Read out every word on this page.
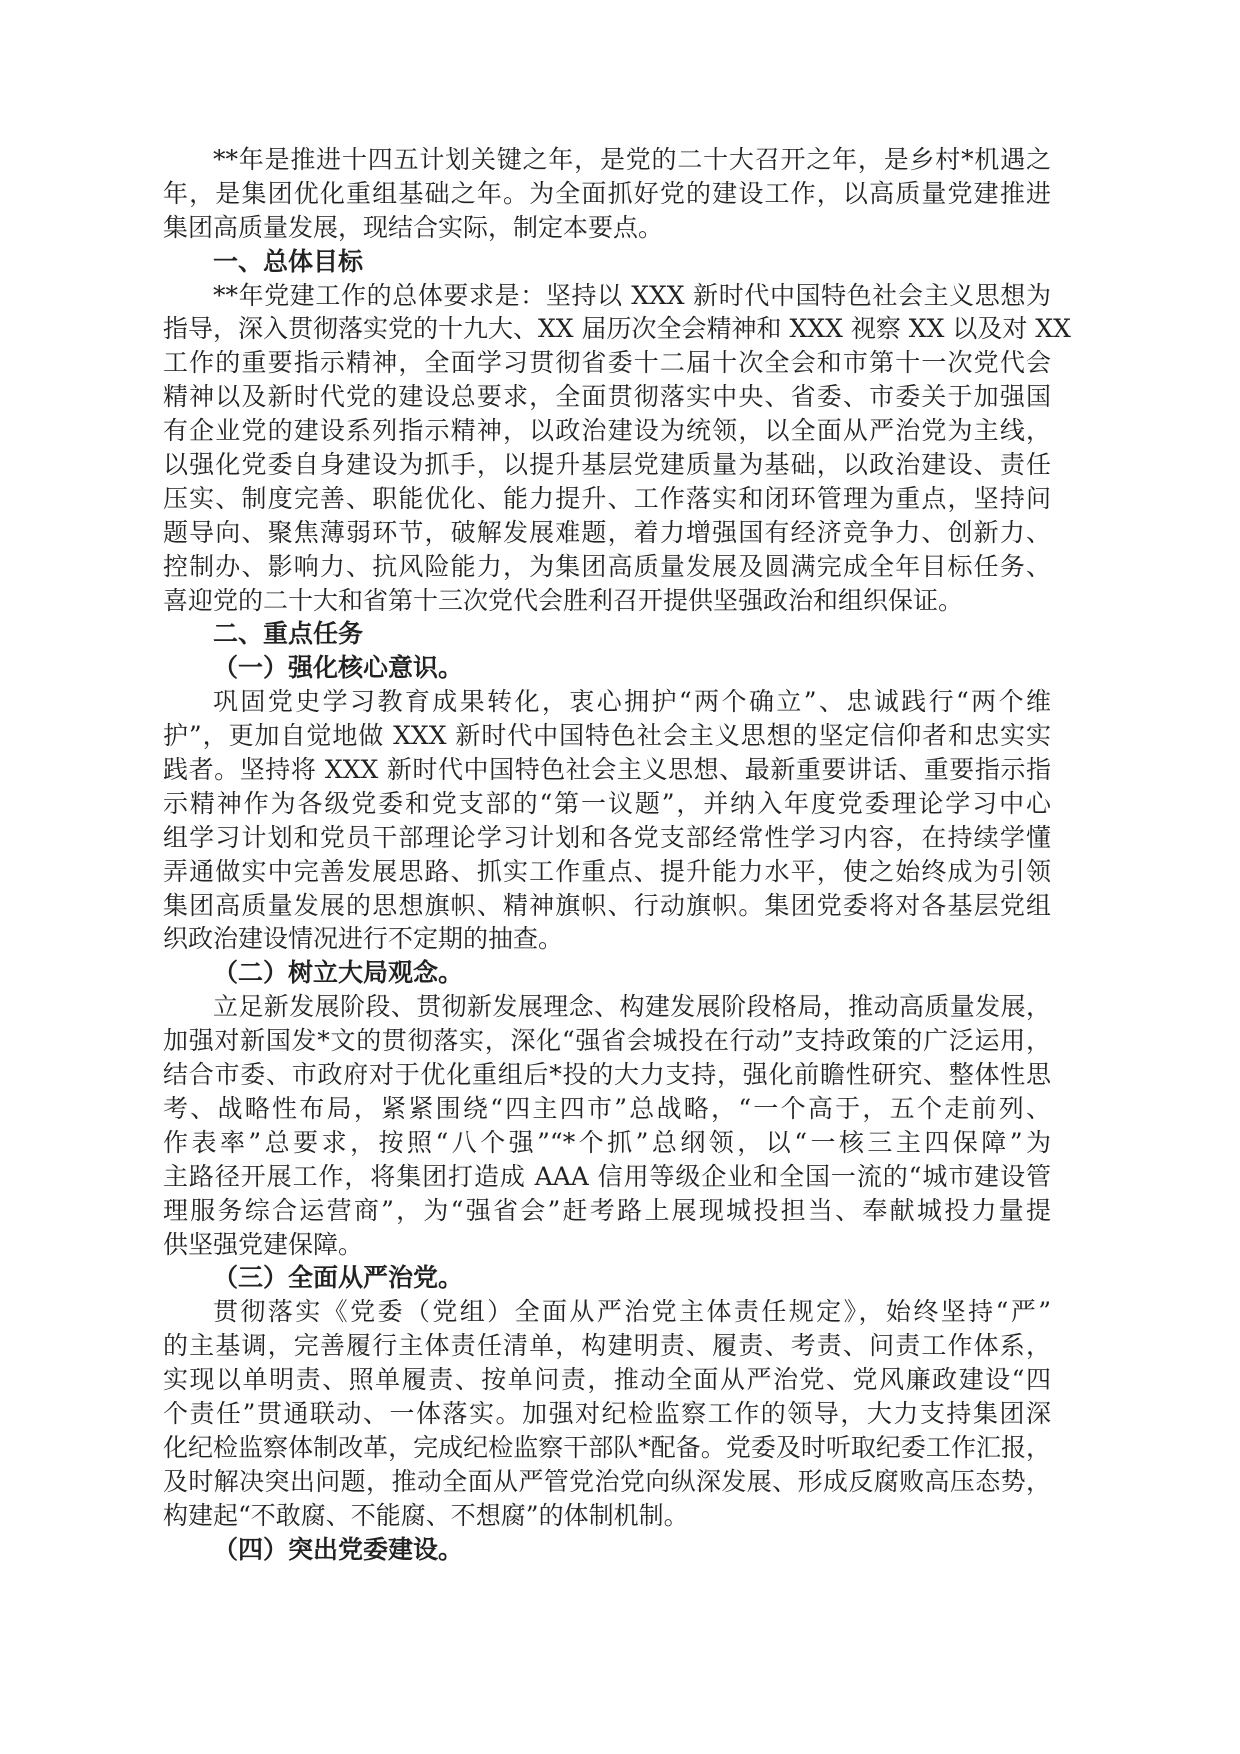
**年是推进十四五计划关键之年，是党的二十大召开之年，是乡村*机遇之
年，是集团优化重组基础之年。为全面抓好党的建设工作，以高质量党建推进
集团高质量发展，现结合实际，制定本要点。
一、总体目标
**年党建工作的总体要求是：坚持以 XXX 新时代中国特色社会主义思想为
指导，深入贯彻落实党的十九大、XX 届历次全会精神和 XXX 视察 XX 以及对 XX
工作的重要指示精神，全面学习贯彻省委十二届十次全会和市第十一次党代会
精神以及新时代党的建设总要求，全面贯彻落实中央、省委、市委关于加强国
有企业党的建设系列指示精神，以政治建设为统领，以全面从严治党为主线，
以强化党委自身建设为抓手，以提升基层党建质量为基础，以政治建设、责任
压实、制度完善、职能优化、能力提升、工作落实和闭环管理为重点，坚持问
题导向、聚焦薄弱环节，破解发展难题，着力增强国有经济竞争力、创新力、
控制办、影响力、抗风险能力，为集团高质量发展及圆满完成全年目标任务、
喜迎党的二十大和省第十三次党代会胜利召开提供坚强政治和组织保证。
二、重点任务
（一）强化核心意识。
巩固党史学习教育成果转化，衷心拥护“两个确立”、忠诚践行“两个维
护”，更加自觉地做 XXX 新时代中国特色社会主义思想的坚定信仰者和忠实实
践者。坚持将 XXX 新时代中国特色社会主义思想、最新重要讲话、重要指示指
示精神作为各级党委和党支部的“第一议题”，并纳入年度党委理论学习中心
组学习计划和党员干部理论学习计划和各党支部经常性学习内容，在持续学懂
弄通做实中完善发展思路、抓实工作重点、提升能力水平，使之始终成为引领
集团高质量发展的思想旗帜、精神旗帜、行动旗帜。集团党委将对各基层党组
织政治建设情况进行不定期的抽查。
（二）树立大局观念。
立足新发展阶段、贯彻新发展理念、构建发展阶段格局，推动高质量发展，
加强对新国发*文的贯彻落实，深化“强省会城投在行动”支持政策的广泛运用，
结合市委、市政府对于优化重组后*投的大力支持，强化前瞻性研究、整体性思
考、战略性布局，紧紧围绕“四主四市”总战略，“一个高于，五个走前列、
作表率”总要求，按照“八个强”“*个抓”总纲领，以“一核三主四保障”为
主路径开展工作，将集团打造成 AAA 信用等级企业和全国一流的“城市建设管
理服务综合运营商”，为“强省会”赶考路上展现城投担当、奉献城投力量提
供坚强党建保障。
（三）全面从严治党。
贯彻落实《党委（党组）全面从严治党主体责任规定》，始终坚持“严”
的主基调，完善履行主体责任清单，构建明责、履责、考责、问责工作体系，
实现以单明责、照单履责、按单问责，推动全面从严治党、党风廉政建设“四
个责任”贯通联动、一体落实。加强对纪检监察工作的领导，大力支持集团深
化纪检监察体制改革，完成纪检监察干部队*配备。党委及时听取纪委工作汇报，
及时解决突出问题，推动全面从严管党治党向纵深发展、形成反腐败高压态势，
构建起“不敢腐、不能腐、不想腐”的体制机制。
（四）突出党委建设。
